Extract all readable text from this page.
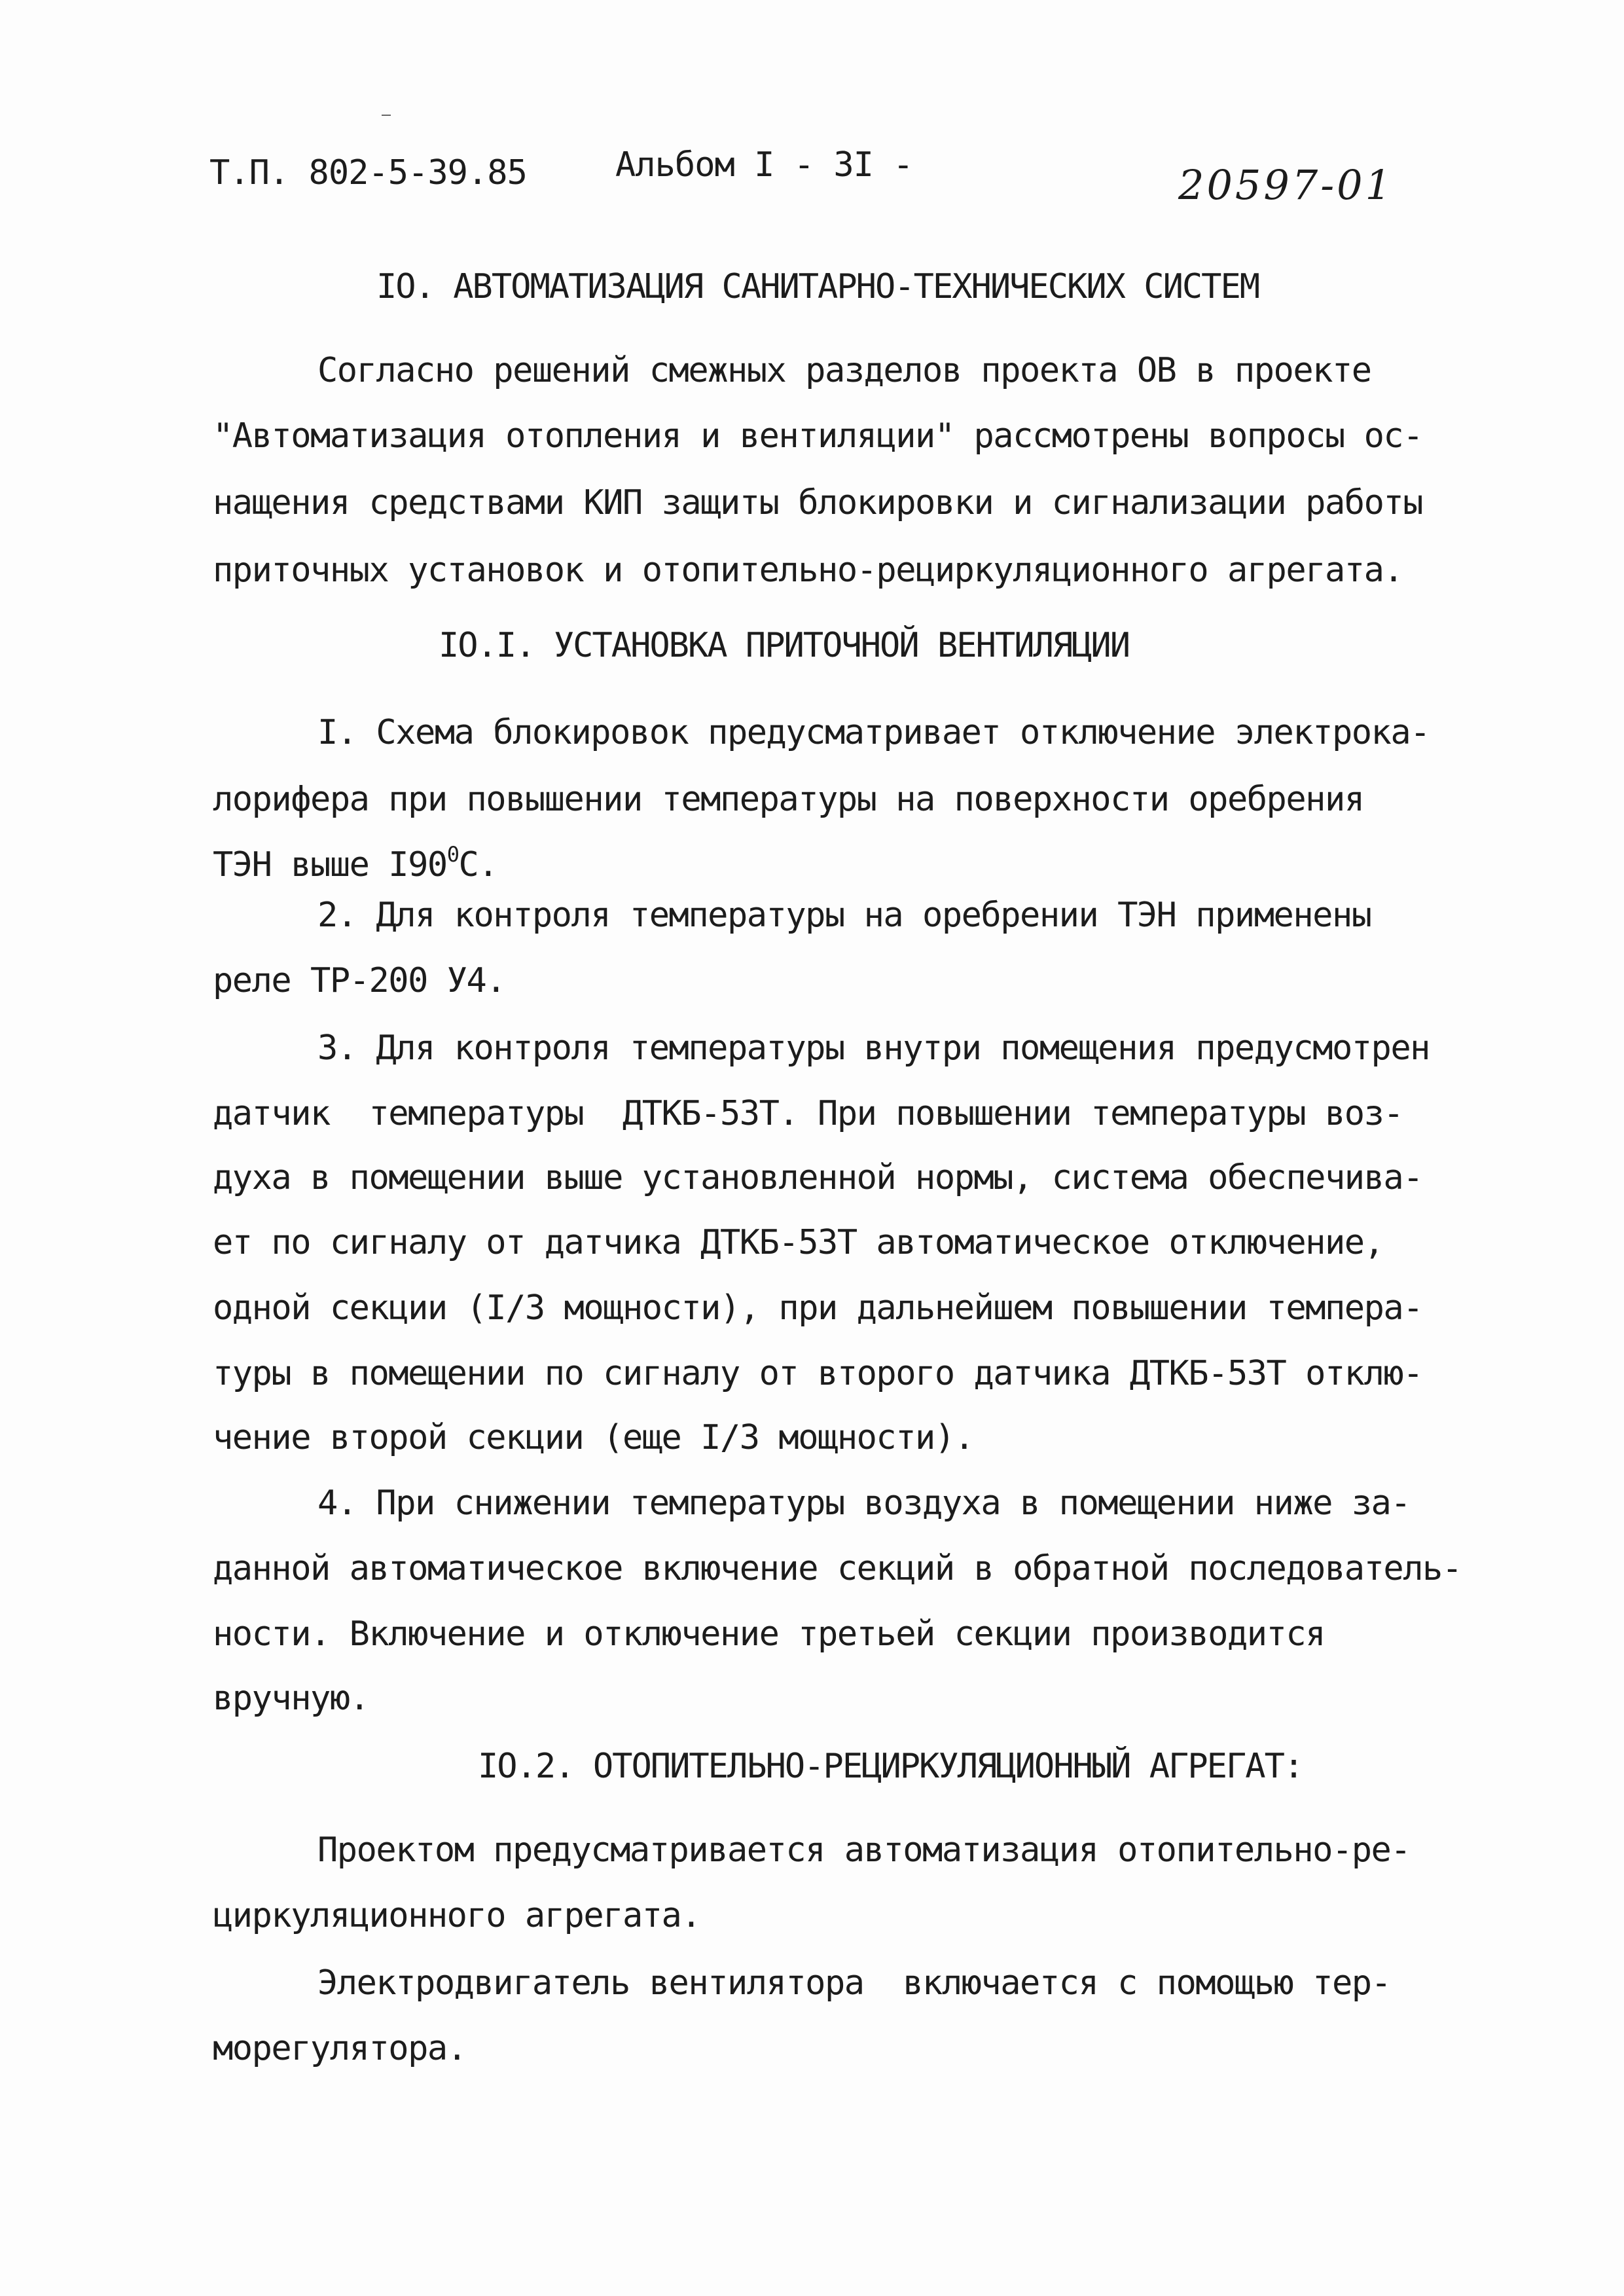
Т.П. 802-5-39.85	Альбом I - 3I -	20597-01
IO. АВТОМАТИЗАЦИЯ САНИТАРНО-ТЕХНИЧЕСКИХ СИСТЕМ
Согласно решений смежных разделов проекта ОВ в проекте
"Автоматизация отопления и вентиляции" рассмотрены вопросы ос-
нащения средствами КИП защиты блокировки и сигнализации работы
приточных установок и отопительно-рециркуляционного агрегата.
IO.I. УСТАНОВКА ПРИТОЧНОЙ ВЕНТИЛЯЦИИ
I. Схема блокировок предусматривает отключение электрока-
лорифера при повышении температуры на поверхности оребрения
ТЭН выше $I90^0С$.
2. Для контроля температуры на оребрении ТЭН применены
реле ТР-200 У4.
3. Для контроля температуры внутри помещения предусмотрен
датчик  температуры  ДТКБ-53Т. При повышении температуры воз-
духа в помещении выше установленной нормы, система обеспечива-
ет по сигналу от датчика ДТКБ-53Т автоматическое отключение,
одной секции (I/3 мощности), при дальнейшем повышении темпера-
туры в помещении по сигналу от второго датчика ДТКБ-53Т отклю-
чение второй секции (еще I/3 мощности).
4. При снижении температуры воздуха в помещении ниже за-
данной автоматическое включение секций в обратной последователь-
ности. Включение и отключение третьей секции производится
вручную.
IO.2. ОТОПИТЕЛЬНО-РЕЦИРКУЛЯЦИОННЫЙ АГРЕГАТ:
Проектом предусматривается автоматизация отопительно-ре-
циркуляционного агрегата.
Электродвигатель вентилятора  включается с помощью тер-
морегулятора.
